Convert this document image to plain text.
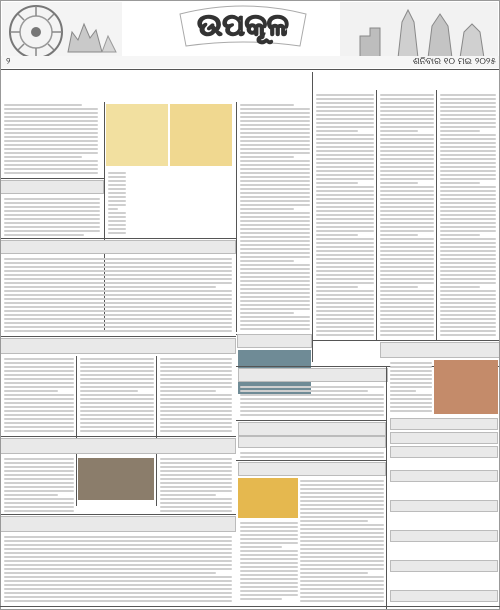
ଉପକୂଳ
୨	ଶନିବାର ୧୦ ମଇ ୨୦୨୫
